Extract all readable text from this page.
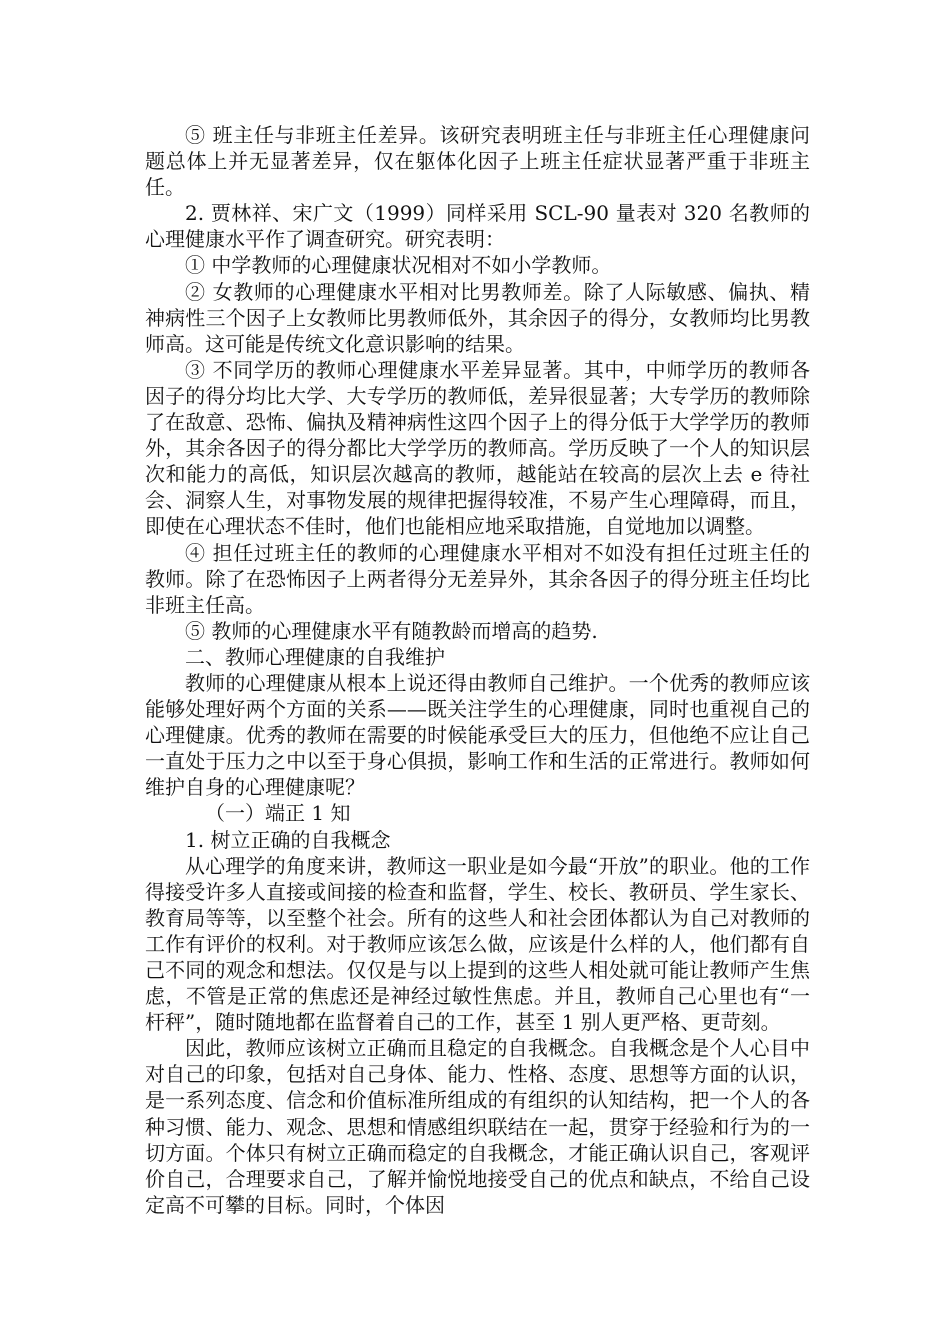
⑤ 班主任与非班主任差异。该研究表明班主任与非班主任心理健康问题总体上并无显著差异，仅在躯体化因子上班主任症状显著严重于非班主任。

2. 贾林祥、宋广文（1999）同样采用 SCL-90 量表对 320 名教师的心理健康水平作了调查研究。研究表明：

① 中学教师的心理健康状况相对不如小学教师。

② 女教师的心理健康水平相对比男教师差。除了人际敏感、偏执、精神病性三个因子上女教师比男教师低外，其余因子的得分，女教师均比男教师高。这可能是传统文化意识影响的结果。

③ 不同学历的教师心理健康水平差异显著。其中，中师学历的教师各因子的得分均比大学、大专学历的教师低，差异很显著；大专学历的教师除了在敌意、恐怖、偏执及精神病性这四个因子上的得分低于大学学历的教师外，其余各因子的得分都比大学学历的教师高。学历反映了一个人的知识层次和能力的高低，知识层次越高的教师，越能站在较高的层次上去 e 待社会、洞察人生，对事物发展的规律把握得较准，不易产生心理障碍，而且，即使在心理状态不佳时，他们也能相应地采取措施，自觉地加以调整。

④ 担任过班主任的教师的心理健康水平相对不如没有担任过班主任的教师。除了在恐怖因子上两者得分无差异外，其余各因子的得分班主任均比非班主任高。

⑤ 教师的心理健康水平有随教龄而增高的趋势.

二、教师心理健康的自我维护

教师的心理健康从根本上说还得由教师自己维护。一个优秀的教师应该能够处理好两个方面的关系——既关注学生的心理健康，同时也重视自己的心理健康。优秀的教师在需要的时候能承受巨大的压力，但他绝不应让自己一直处于压力之中以至于身心俱损，影响工作和生活的正常进行。教师如何维护自身的心理健康呢？

（一）端正 1 知

1. 树立正确的自我概念

从心理学的角度来讲，教师这一职业是如今最“开放”的职业。他的工作得接受许多人直接或间接的检查和监督，学生、校长、教研员、学生家长、教育局等等，以至整个社会。所有的这些人和社会团体都认为自己对教师的工作有评价的权利。对于教师应该怎么做，应该是什么样的人，他们都有自己不同的观念和想法。仅仅是与以上提到的这些人相处就可能让教师产生焦虑，不管是正常的焦虑还是神经过敏性焦虑。并且，教师自己心里也有“一杆秤”，随时随地都在监督着自己的工作，甚至 1 别人更严格、更苛刻。

因此，教师应该树立正确而且稳定的自我概念。自我概念是个人心目中对自己的印象，包括对自己身体、能力、性格、态度、思想等方面的认识，是一系列态度、信念和价值标准所组成的有组织的认知结构，把一个人的各种习惯、能力、观念、思想和情感组织联结在一起，贯穿于经验和行为的一切方面。个体只有树立正确而稳定的自我概念，才能正确认识自己，客观评价自己，合理要求自己，了解并愉悦地接受自己的优点和缺点，不给自己设定高不可攀的目标。同时，个体因
